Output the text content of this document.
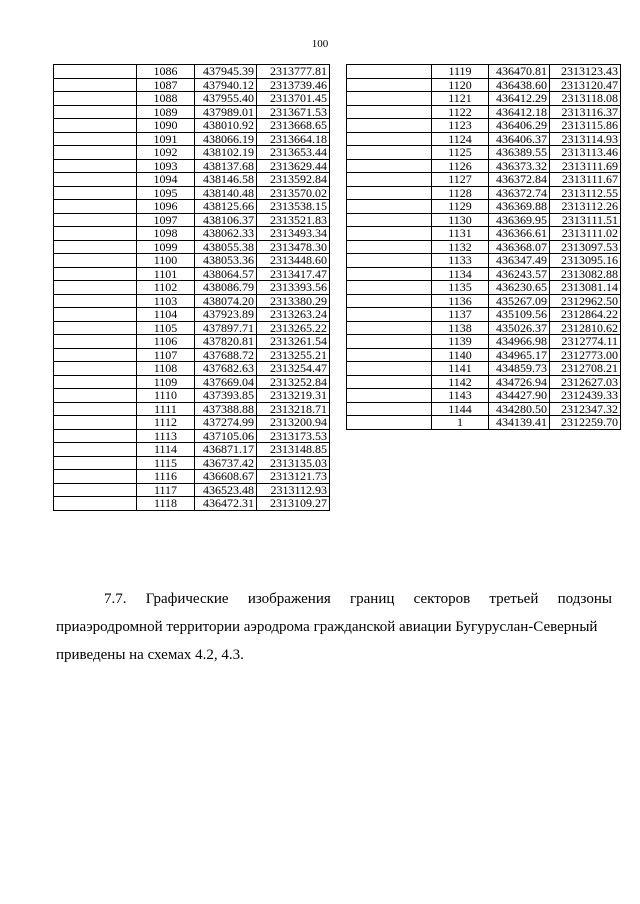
100
	1086	437945.39	2313777.81
	1087	437940.12	2313739.46
	1088	437955.40	2313701.45
	1089	437989.01	2313671.53
	1090	438010.92	2313668.65
	1091	438066.19	2313664.18
	1092	438102.19	2313653.44
	1093	438137.68	2313629.44
	1094	438146.58	2313592.84
	1095	438140.48	2313570.02
	1096	438125.66	2313538.15
	1097	438106.37	2313521.83
	1098	438062.33	2313493.34
	1099	438055.38	2313478.30
	1100	438053.36	2313448.60
	1101	438064.57	2313417.47
	1102	438086.79	2313393.56
	1103	438074.20	2313380.29
	1104	437923.89	2313263.24
	1105	437897.71	2313265.22
	1106	437820.81	2313261.54
	1107	437688.72	2313255.21
	1108	437682.63	2313254.47
	1109	437669.04	2313252.84
	1110	437393.85	2313219.31
	1111	437388.88	2313218.71
	1112	437274.99	2313200.94
	1113	437105.06	2313173.53
	1114	436871.17	2313148.85
	1115	436737.42	2313135.03
	1116	436608.67	2313121.73
	1117	436523.48	2313112.93
	1118	436472.31	2313109.27
	1119	436470.81	2313123.43
	1120	436438.60	2313120.47
	1121	436412.29	2313118.08
	1122	436412.18	2313116.37
	1123	436406.29	2313115.86
	1124	436406.37	2313114.93
	1125	436389.55	2313113.46
	1126	436373.32	2313111.69
	1127	436372.84	2313111.67
	1128	436372.74	2313112.55
	1129	436369.88	2313112.26
	1130	436369.95	2313111.51
	1131	436366.61	2313111.02
	1132	436368.07	2313097.53
	1133	436347.49	2313095.16
	1134	436243.57	2313082.88
	1135	436230.65	2313081.14
	1136	435267.09	2312962.50
	1137	435109.56	2312864.22
	1138	435026.37	2312810.62
	1139	434966.98	2312774.11
	1140	434965.17	2312773.00
	1141	434859.73	2312708.21
	1142	434726.94	2312627.03
	1143	434427.90	2312439.33
	1144	434280.50	2312347.32
	1	434139.41	2312259.70
7.7. Графические изображения границ секторов третьей подзоны
приаэродромной территории аэродрома гражданской авиации Бугуруслан-Северный
приведены на схемах 4.2, 4.3.
